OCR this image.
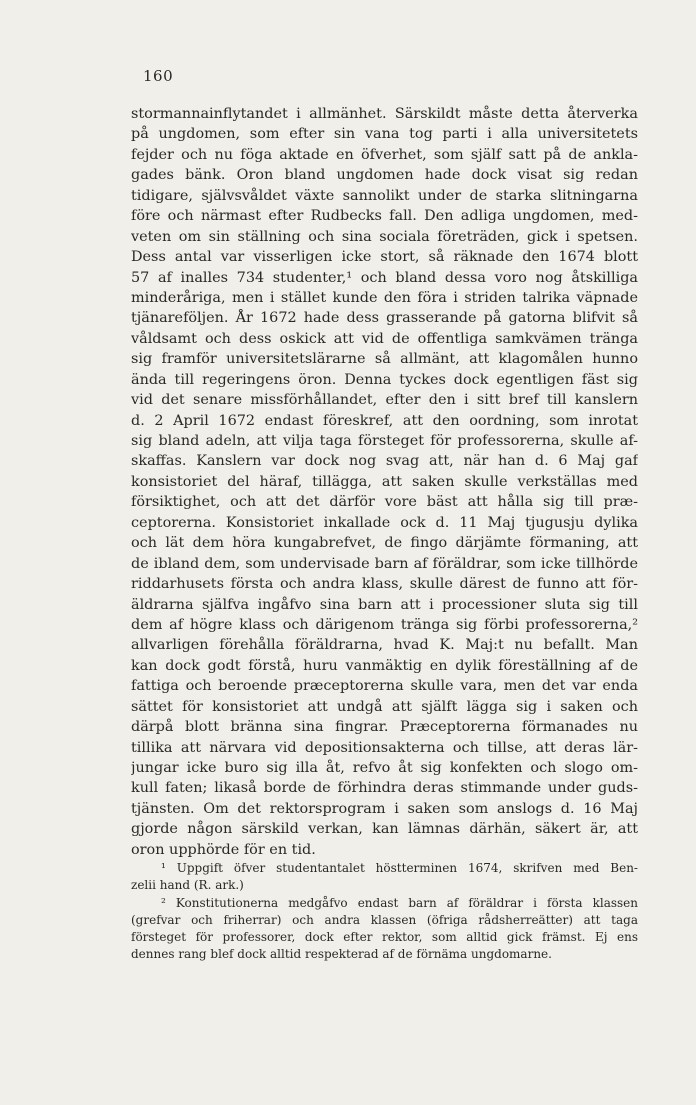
160
stormannainflytandet i allmänhet. Särskildt måste detta återverka
på ungdomen, som efter sin vana tog parti i alla universitetets
fejder och nu föga aktade en öfverhet, som själf satt på de ankla-
gades bänk. Oron bland ungdomen hade dock visat sig redan
tidigare, självsvåldet växte sannolikt under de starka slitningarna
före och närmast efter Rudbecks fall. Den adliga ungdomen, med-
veten om sin ställning och sina sociala företräden, gick i spetsen.
Dess antal var visserligen icke stort, så räknade den 1674 blott
57 af inalles 734 studenter,¹ och bland dessa voro nog åtskilliga
minderåriga, men i stället kunde den föra i striden talrika väpnade
tjänareföljen. År 1672 hade dess grasserande på gatorna blifvit så
våldsamt och dess oskick att vid de offentliga samkvämen tränga
sig framför universitetslärarne så allmänt, att klagomålen hunno
ända till regeringens öron. Denna tyckes dock egentligen fäst sig
vid det senare missförhållandet, efter den i sitt bref till kanslern
d. 2 April 1672 endast föreskref, att den oordning, som inrotat
sig bland adeln, att vilja taga försteget för professorerna, skulle af-
skaffas. Kanslern var dock nog svag att, när han d. 6 Maj gaf
konsistoriet del häraf, tillägga, att saken skulle verkställas med
försiktighet, och att det därför vore bäst att hålla sig till præ-
ceptorerna. Konsistoriet inkallade ock d. 11 Maj tjugusju dylika
och lät dem höra kungabrefvet, de fingo därjämte förmaning, att
de ibland dem, som undervisade barn af föräldrar, som icke tillhörde
riddarhusets första och andra klass, skulle därest de funno att för-
äldrarna själfva ingåfvo sina barn att i processioner sluta sig till
dem af högre klass och därigenom tränga sig förbi professorerna,²
allvarligen förehålla föräldrarna, hvad K. Maj:t nu befallt. Man
kan dock godt förstå, huru vanmäktig en dylik föreställning af de
fattiga och beroende præceptorerna skulle vara, men det var enda
sättet för konsistoriet att undgå att själft lägga sig i saken och
därpå blott bränna sina fingrar. Præceptorerna förmanades nu
tillika att närvara vid depositionsakterna och tillse, att deras lär-
jungar icke buro sig illa åt, refvo åt sig konfekten och slogo om-
kull faten; likaså borde de förhindra deras stimmande under guds-
tjänsten. Om det rektorsprogram i saken som anslogs d. 16 Maj
gjorde någon särskild verkan, kan lämnas därhän, säkert är, att
oron upphörde för en tid.
¹ Uppgift öfver studentantalet höstterminen 1674, skrifven med Ben-
zelii hand (R. ark.)
² Konstitutionerna medgåfvo endast barn af föräldrar i första klassen
(grefvar och friherrar) och andra klassen (öfriga rådsherreätter) att taga
försteget för professorer, dock efter rektor, som alltid gick främst. Ej ens
dennes rang blef dock alltid respekterad af de förnäma ungdomarne.
